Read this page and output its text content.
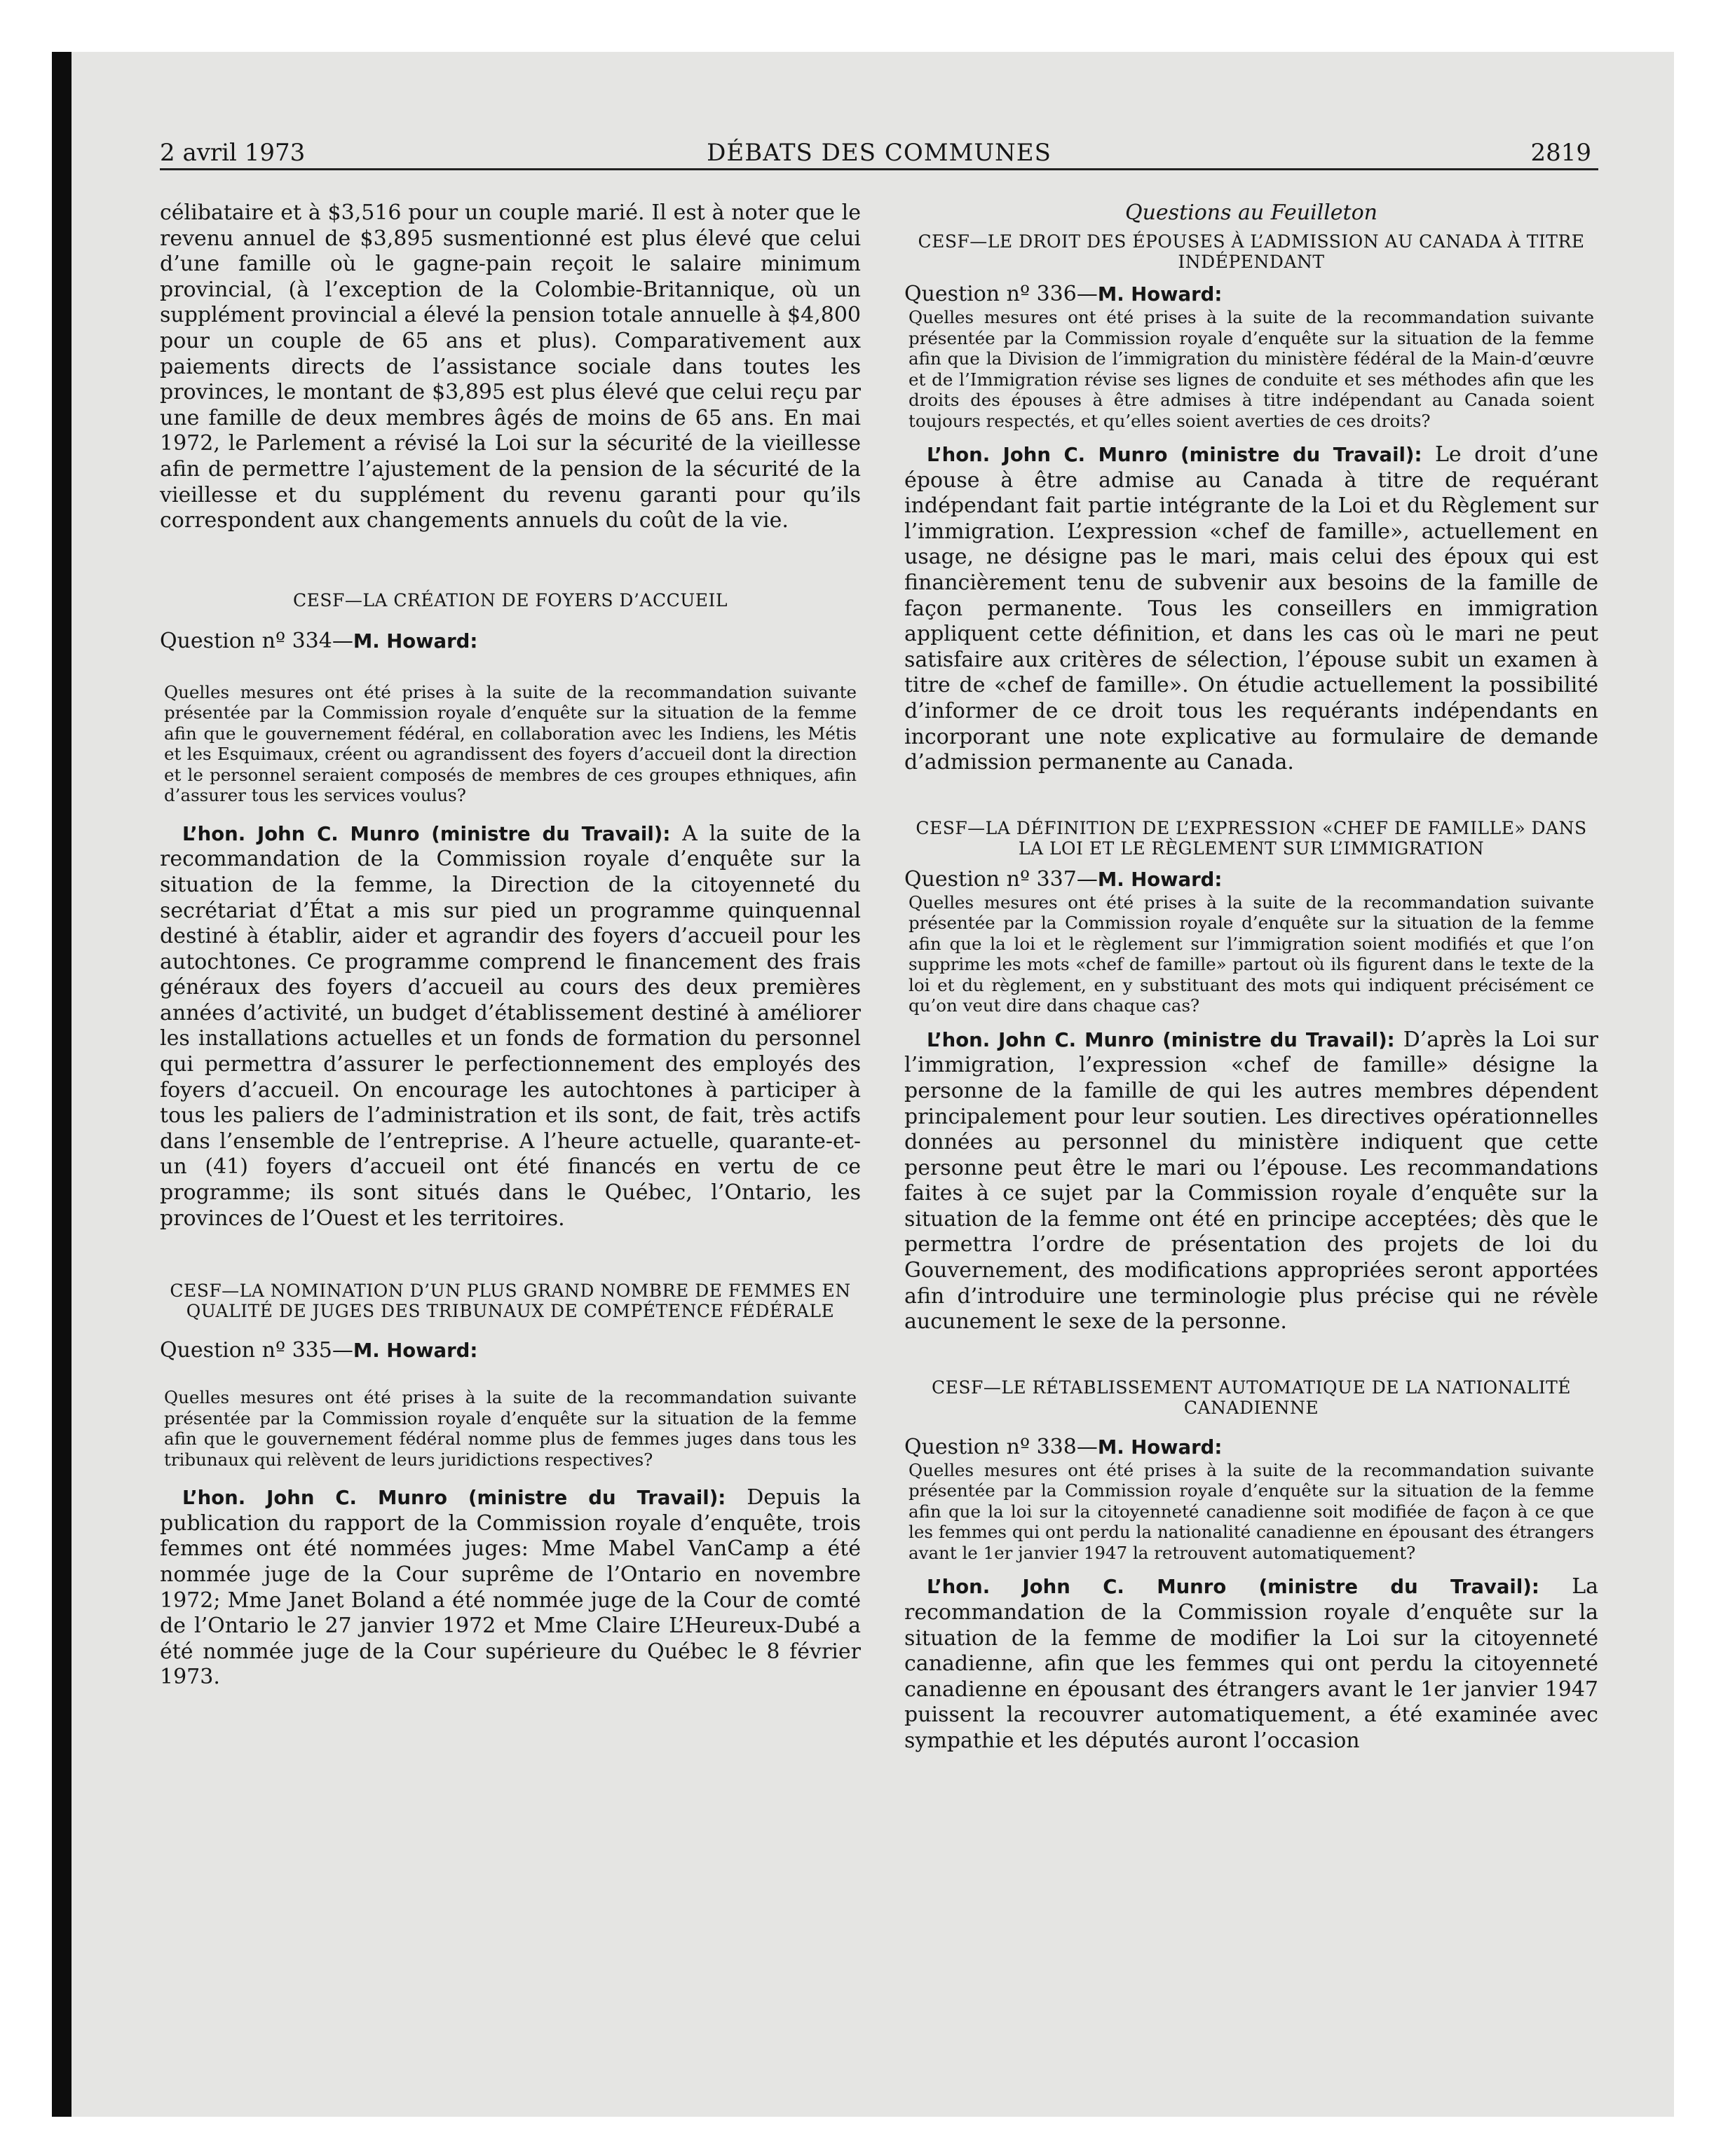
2 avril 1973	DÉBATS DES COMMUNES	2819

célibataire et à $3,516 pour un couple marié. Il est à noter que le revenu annuel de $3,895 susmentionné est plus élevé que celui d’une famille où le gagne-pain reçoit le salaire minimum provincial, (à l’exception de la Colombie-Britannique, où un supplément provincial a élevé la pension totale annuelle à $4,800 pour un couple de 65 ans et plus). Comparativement aux paiements directs de l’assistance sociale dans toutes les provinces, le montant de $3,895 est plus élevé que celui reçu par une famille de deux membres âgés de moins de 65 ans. En mai 1972, le Parlement a révisé la Loi sur la sécurité de la vieillesse afin de permettre l’ajustement de la pension de la sécurité de la vieillesse et du supplément du revenu garanti pour qu’ils correspondent aux changements annuels du coût de la vie.

CESF—LA CRÉATION DE FOYERS D’ACCUEIL

Question nº 334—M. Howard:

Quelles mesures ont été prises à la suite de la recommandation suivante présentée par la Commission royale d’enquête sur la situation de la femme afin que le gouvernement fédéral, en collaboration avec les Indiens, les Métis et les Esquimaux, créent ou agrandissent des foyers d’accueil dont la direction et le personnel seraient composés de membres de ces groupes ethniques, afin d’assurer tous les services voulus?

L’hon. John C. Munro (ministre du Travail): A la suite de la recommandation de la Commission royale d’enquête sur la situation de la femme, la Direction de la citoyenneté du secrétariat d’État a mis sur pied un programme quinquennal destiné à établir, aider et agrandir des foyers d’accueil pour les autochtones. Ce programme comprend le financement des frais généraux des foyers d’accueil au cours des deux premières années d’activité, un budget d’établissement destiné à améliorer les installations actuelles et un fonds de formation du personnel qui permettra d’assurer le perfectionnement des employés des foyers d’accueil. On encourage les autochtones à participer à tous les paliers de l’administration et ils sont, de fait, très actifs dans l’ensemble de l’entreprise. A l’heure actuelle, quarante-et-un (41) foyers d’accueil ont été financés en vertu de ce programme; ils sont situés dans le Québec, l’Ontario, les provinces de l’Ouest et les territoires.

CESF—LA NOMINATION D’UN PLUS GRAND NOMBRE DE FEMMES EN QUALITÉ DE JUGES DES TRIBUNAUX DE COMPÉTENCE FÉDÉRALE

Question nº 335—M. Howard:

Quelles mesures ont été prises à la suite de la recommandation suivante présentée par la Commission royale d’enquête sur la situation de la femme afin que le gouvernement fédéral nomme plus de femmes juges dans tous les tribunaux qui relèvent de leurs juridictions respectives?

L’hon. John C. Munro (ministre du Travail): Depuis la publication du rapport de la Commission royale d’enquête, trois femmes ont été nommées juges: Mme Mabel VanCamp a été nommée juge de la Cour suprême de l’Ontario en novembre 1972; Mme Janet Boland a été nommée juge de la Cour de comté de l’Ontario le 27 janvier 1972 et Mme Claire L’Heureux-Dubé a été nommée juge de la Cour supérieure du Québec le 8 février 1973.

Questions au Feuilleton

CESF—LE DROIT DES ÉPOUSES À L’ADMISSION AU CANADA À TITRE INDÉPENDANT

Question nº 336—M. Howard:

Quelles mesures ont été prises à la suite de la recommandation suivante présentée par la Commission royale d’enquête sur la situation de la femme afin que la Division de l’immigration du ministère fédéral de la Main-d’œuvre et de l’Immigration révise ses lignes de conduite et ses méthodes afin que les droits des épouses à être admises à titre indépendant au Canada soient toujours respectés, et qu’elles soient averties de ces droits?

L’hon. John C. Munro (ministre du Travail): Le droit d’une épouse à être admise au Canada à titre de requérant indépendant fait partie intégrante de la Loi et du Règlement sur l’immigration. L’expression «chef de famille», actuellement en usage, ne désigne pas le mari, mais celui des époux qui est financièrement tenu de subvenir aux besoins de la famille de façon permanente. Tous les conseillers en immigration appliquent cette définition, et dans les cas où le mari ne peut satisfaire aux critères de sélection, l’épouse subit un examen à titre de «chef de famille». On étudie actuellement la possibilité d’informer de ce droit tous les requérants indépendants en incorporant une note explicative au formulaire de demande d’admission permanente au Canada.

CESF—LA DÉFINITION DE L’EXPRESSION «CHEF DE FAMILLE» DANS LA LOI ET LE RÈGLEMENT SUR L’IMMIGRATION

Question nº 337—M. Howard:

Quelles mesures ont été prises à la suite de la recommandation suivante présentée par la Commission royale d’enquête sur la situation de la femme afin que la loi et le règlement sur l’immigration soient modifiés et que l’on supprime les mots «chef de famille» partout où ils figurent dans le texte de la loi et du règlement, en y substituant des mots qui indiquent précisément ce qu’on veut dire dans chaque cas?

L’hon. John C. Munro (ministre du Travail): D’après la Loi sur l’immigration, l’expression «chef de famille» désigne la personne de la famille de qui les autres membres dépendent principalement pour leur soutien. Les directives opérationnelles données au personnel du ministère indiquent que cette personne peut être le mari ou l’épouse. Les recommandations faites à ce sujet par la Commission royale d’enquête sur la situation de la femme ont été en principe acceptées; dès que le permettra l’ordre de présentation des projets de loi du Gouvernement, des modifications appropriées seront apportées afin d’introduire une terminologie plus précise qui ne révèle aucunement le sexe de la personne.

CESF—LE RÉTABLISSEMENT AUTOMATIQUE DE LA NATIONALITÉ CANADIENNE

Question nº 338—M. Howard:

Quelles mesures ont été prises à la suite de la recommandation suivante présentée par la Commission royale d’enquête sur la situation de la femme afin que la loi sur la citoyenneté canadienne soit modifiée de façon à ce que les femmes qui ont perdu la nationalité canadienne en épousant des étrangers avant le 1er janvier 1947 la retrouvent automatiquement?

L’hon. John C. Munro (ministre du Travail): La recommandation de la Commission royale d’enquête sur la situation de la femme de modifier la Loi sur la citoyenneté canadienne, afin que les femmes qui ont perdu la citoyenneté canadienne en épousant des étrangers avant le 1er janvier 1947 puissent la recouvrer automatiquement, a été examinée avec sympathie et les députés auront l’occasion
